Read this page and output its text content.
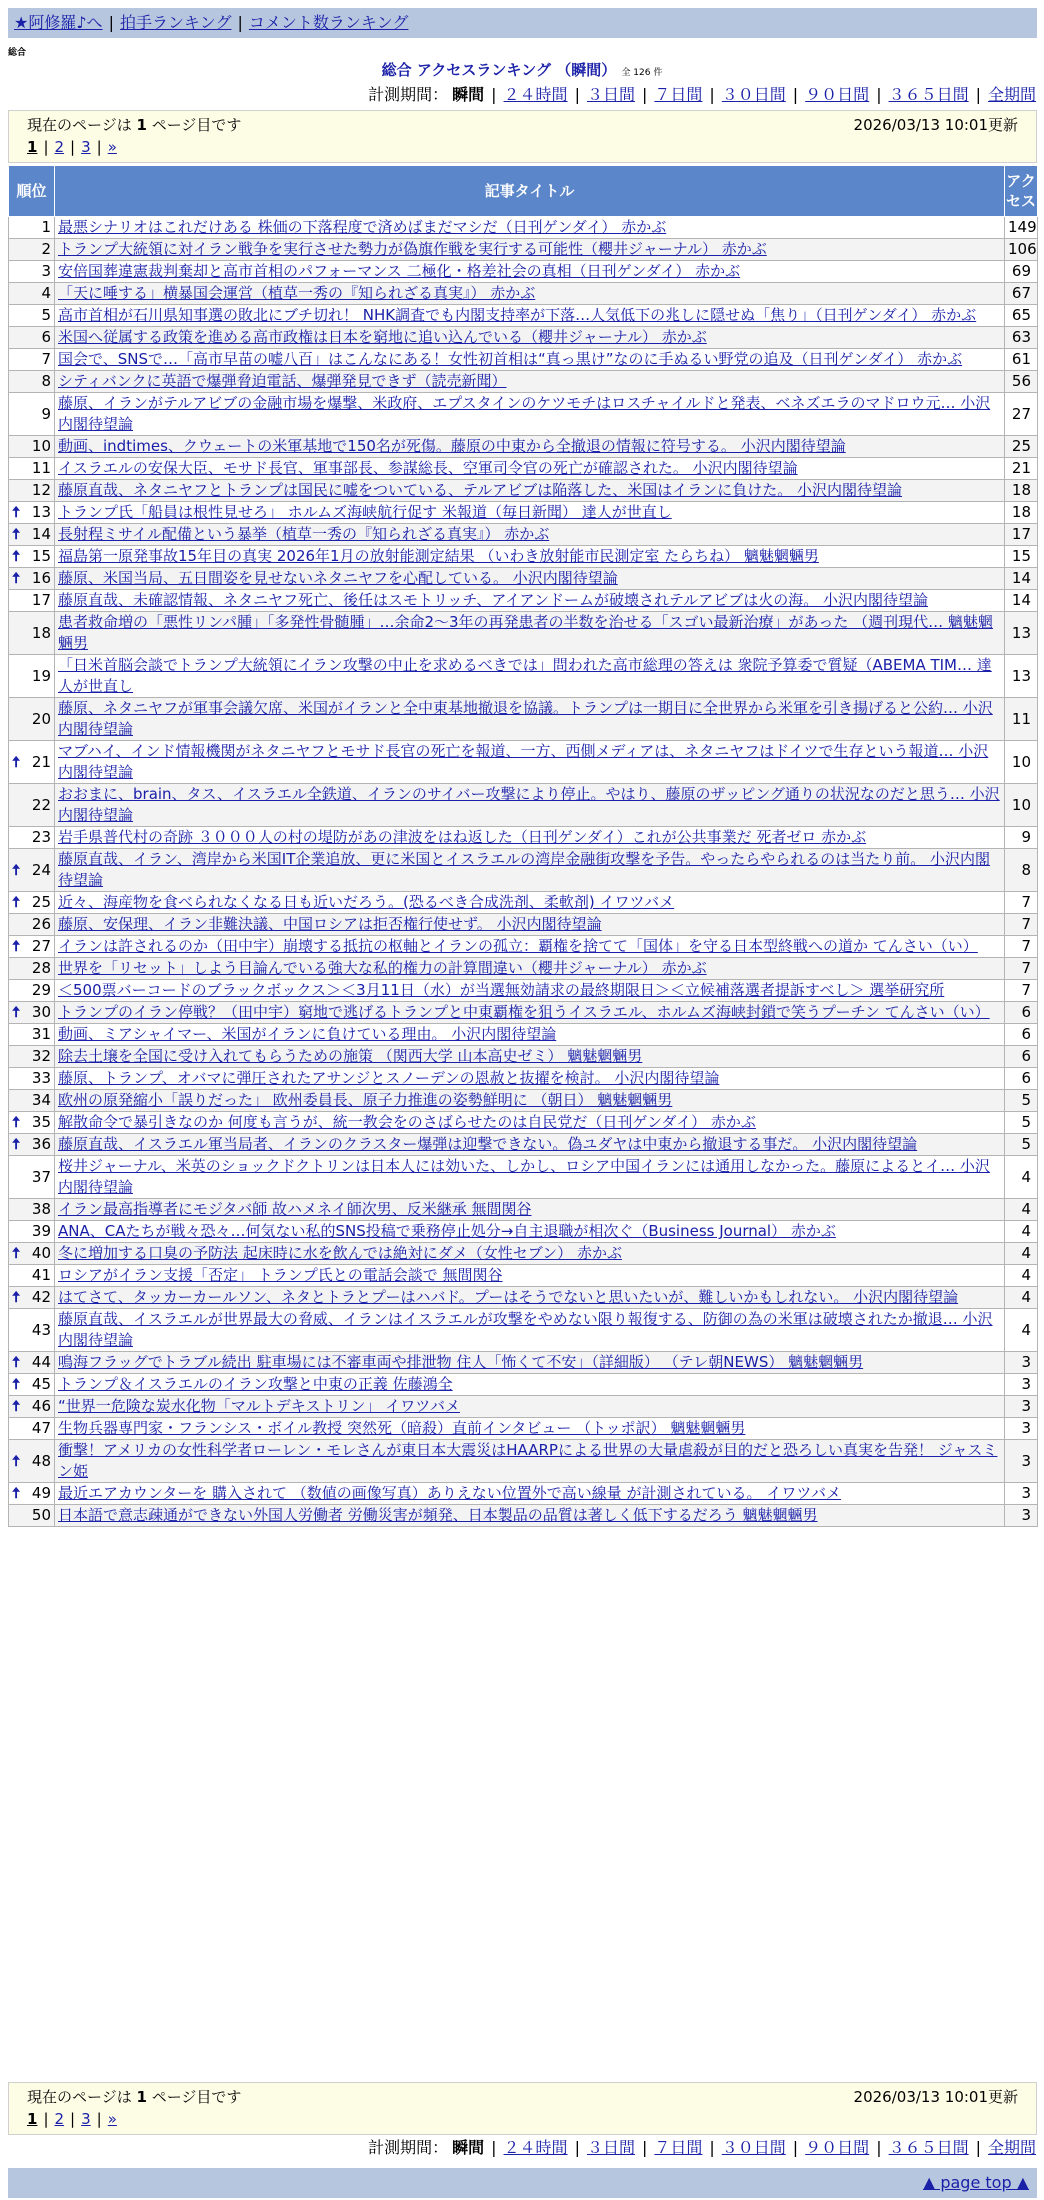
★阿修羅♪へ | 拍手ランキング | コメント数ランキング
総合
総合 アクセスランキング （瞬間） 全 126 件
計測期間： 瞬間 | ２４時間 | ３日間 | ７日間 | ３０日間 | ９０日間 | ３６５日間 | 全期間
現在のページは 1 ページ目です	2026/03/13 10:01更新
1 | 2 | 3 | »
順位	記事タイトル	アクセス
1	最悪シナリオはこれだけある 株価の下落程度で済めばまだマシだ（日刊ゲンダイ） 赤かぶ	149
2	トランプ大統領に対イラン戦争を実行させた勢力が偽旗作戦を実行する可能性（櫻井ジャーナル） 赤かぶ	106
3	安倍国葬違憲裁判棄却と高市首相のパフォーマンス 二極化・格差社会の真相（日刊ゲンダイ） 赤かぶ	69
4	「天に唾する」横暴国会運営（植草一秀の『知られざる真実』） 赤かぶ	67
5	高市首相が石川県知事選の敗北にブチ切れ！ NHK調査でも内閣支持率が下落…人気低下の兆しに隠せぬ「焦り」（日刊ゲンダイ） 赤かぶ	65
6	米国へ従属する政策を進める高市政権は日本を窮地に追い込んでいる（櫻井ジャーナル） 赤かぶ	63
7	国会で、SNSで…「高市早苗の嘘八百」はこんなにある！女性初首相は“真っ黒け”なのに手ぬるい野党の追及（日刊ゲンダイ） 赤かぶ	61
8	シティバンクに英語で爆弾脅迫電話、爆弾発見できず（読売新聞）	56
9	藤原、イランがテルアビブの金融市場を爆撃、米政府、エプスタインのケツモチはロスチャイルドと発表、ベネズエラのマドロウ元… 小沢内閣待望論	27
10	動画、indtimes、クウェートの米軍基地で150名が死傷。藤原の中東から全撤退の情報に符号する。 小沢内閣待望論	25
11	イスラエルの安保大臣、モサド長官、軍事部長、参謀総長、空軍司令官の死亡が確認された。 小沢内閣待望論	21
12	藤原直哉、ネタニヤフとトランプは国民に嘘をついている、テルアビブは陥落した、米国はイランに負けた。 小沢内閣待望論	18

🠅 13	トランプ氏「船員は根性見せろ」 ホルムズ海峡航行促す 米報道（毎日新聞） 達人が世直し	18

🠅 14	長射程ミサイル配備という暴挙（植草一秀の『知られざる真実』） 赤かぶ	17

🠅 15	福島第一原発事故15年目の真実 2026年1月の放射能測定結果 （いわき放射能市民測定室 たらちね） 魑魅魍魎男	15

🠅 16	藤原、米国当局、五日間姿を見せないネタニヤフを心配している。 小沢内閣待望論	14
17	藤原直哉、未確認情報、ネタニヤフ死亡、後任はスモトリッチ、アイアンドームが破壊されテルアビブは火の海。 小沢内閣待望論	14
18	患者救命増の「悪性リンパ腫」「多発性骨髄腫」…余命2〜3年の再発患者の半数を治せる「スゴい最新治療」があった （週刊現代… 魑魅魍魎男	13
19	「日米首脳会談でトランプ大統領にイラン攻撃の中止を求めるべきでは」問われた高市総理の答えは 衆院予算委で質疑（ABEMA TIM… 達人が世直し	13
20	藤原、ネタニヤフが軍事会議欠席、米国がイランと全中東基地撤退を協議。トランプは一期目に全世界から米軍を引き揚げると公約… 小沢内閣待望論	11

🠅 21	マブハイ、インド情報機関がネタニヤフとモサド長官の死亡を報道、一方、西側メディアは、ネタニヤフはドイツで生存という報道… 小沢内閣待望論	10
22	おおまに、brain、タス、イスラエル全鉄道、イランのサイバー攻撃により停止。やはり、藤原のザッピング通りの状況なのだと思う… 小沢内閣待望論	10
23	岩手県普代村の奇跡 ３０００人の村の堤防があの津波をはね返した（日刊ゲンダイ）これが公共事業だ 死者ゼロ 赤かぶ	9

🠅 24	藤原直哉、イラン、湾岸から米国IT企業追放、更に米国とイスラエルの湾岸金融街攻撃を予告。やったらやられるのは当たり前。 小沢内閣待望論	8

🠅 25	近々、海産物を食べられなくなる日も近いだろう。(恐るべき合成洗剤、柔軟剤) イワツバメ	7
26	藤原、安保理、イラン非難決議、中国ロシアは拒否権行使せず。 小沢内閣待望論	7

🠅 27	イランは許されるのか（田中宇）崩壊する抵抗の枢軸とイランの孤立：覇権を捨てて「国体」を守る日本型終戦への道か てんさい（い）	7
28	世界を「リセット」しよう目論んでいる強大な私的権力の計算間違い（櫻井ジャーナル） 赤かぶ	7
29	＜500票バーコードのブラックボックス＞＜3月11日（水）が当選無効請求の最終期限日＞＜立候補落選者提訴すべし＞ 選挙研究所	7

🠅 30	トランプのイラン停戦？（田中宇）窮地で逃げるトランプと中東覇権を狙うイスラエル、ホルムズ海峡封鎖で笑うプーチン てんさい（い）	6
31	動画、ミアシャイマー、米国がイランに負けている理由。 小沢内閣待望論	6
32	除去土壌を全国に受け入れてもらうための施策 （関西大学 山本高史ゼミ） 魑魅魍魎男	6
33	藤原、トランプ、オバマに弾圧されたアサンジとスノーデンの恩赦と抜擢を検討。 小沢内閣待望論	6
34	欧州の原発縮小「誤りだった」 欧州委員長、原子力推進の姿勢鮮明に （朝日） 魑魅魍魎男	5

🠅 35	解散命令で暴引きなのか 何度も言うが、統一教会をのさばらせたのは自民党だ（日刊ゲンダイ） 赤かぶ	5

🠅 36	藤原直哉、イスラエル軍当局者、イランのクラスター爆弾は迎撃できない。偽ユダヤは中東から撤退する事だ。 小沢内閣待望論	5
37	桜井ジャーナル、米英のショックドクトリンは日本人には効いた、しかし、ロシア中国イランには通用しなかった。藤原によるとイ… 小沢内閣待望論	4
38	イラン最高指導者にモジタバ師 故ハメネイ師次男、反米継承 無間関谷	4
39	ANA、CAたちが戦々恐々…何気ない私的SNS投稿で乗務停止処分→自主退職が相次ぐ（Business Journal） 赤かぶ	4

🠅 40	冬に増加する口臭の予防法 起床時に水を飲んでは絶対にダメ（女性セブン） 赤かぶ	4
41	ロシアがイラン支援「否定」 トランプ氏との電話会談で 無間関谷	4

🠅 42	はてさて、タッカーカールソン、ネタとトラとプーはハバド。プーはそうでないと思いたいが、難しいかもしれない。 小沢内閣待望論	4
43	藤原直哉、イスラエルが世界最大の脅威、イランはイスラエルが攻撃をやめない限り報復する、防御の為の米軍は破壊されたか撤退… 小沢内閣待望論	4

🠅 44	鳴海フラッグでトラブル続出 駐車場には不審車両や排泄物 住人「怖くて不安」（詳細版） （テレ朝NEWS） 魑魅魍魎男	3

🠅 45	トランプ＆イスラエルのイラン攻撃と中東の正義 佐藤鴻全	3

🠅 46	“世界一危険な炭水化物「マルトデキストリン」 イワツバメ	3
47	生物兵器専門家・フランシス・ボイル教授 突然死（暗殺）直前インタビュー （トッポ訳） 魑魅魍魎男	3

🠅 48	衝撃！アメリカの女性科学者ローレン・モレさんが東日本大震災はHAARPによる世界の大量虐殺が目的だと恐ろしい真実を告発！ ジャスミン姫	3

🠅 49	最近エアカウンターを 購入されて （数値の画像写真）ありえない位置外で高い線量 が計測されている。 イワツバメ	3
50	日本語で意志疎通ができない外国人労働者 労働災害が頻発、日本製品の品質は著しく低下するだろう 魑魅魍魎男	3
現在のページは 1 ページ目です	2026/03/13 10:01更新
1 | 2 | 3 | »
計測期間： 瞬間 | ２４時間 | ３日間 | ７日間 | ３０日間 | ９０日間 | ３６５日間 | 全期間
▲ page top ▲
